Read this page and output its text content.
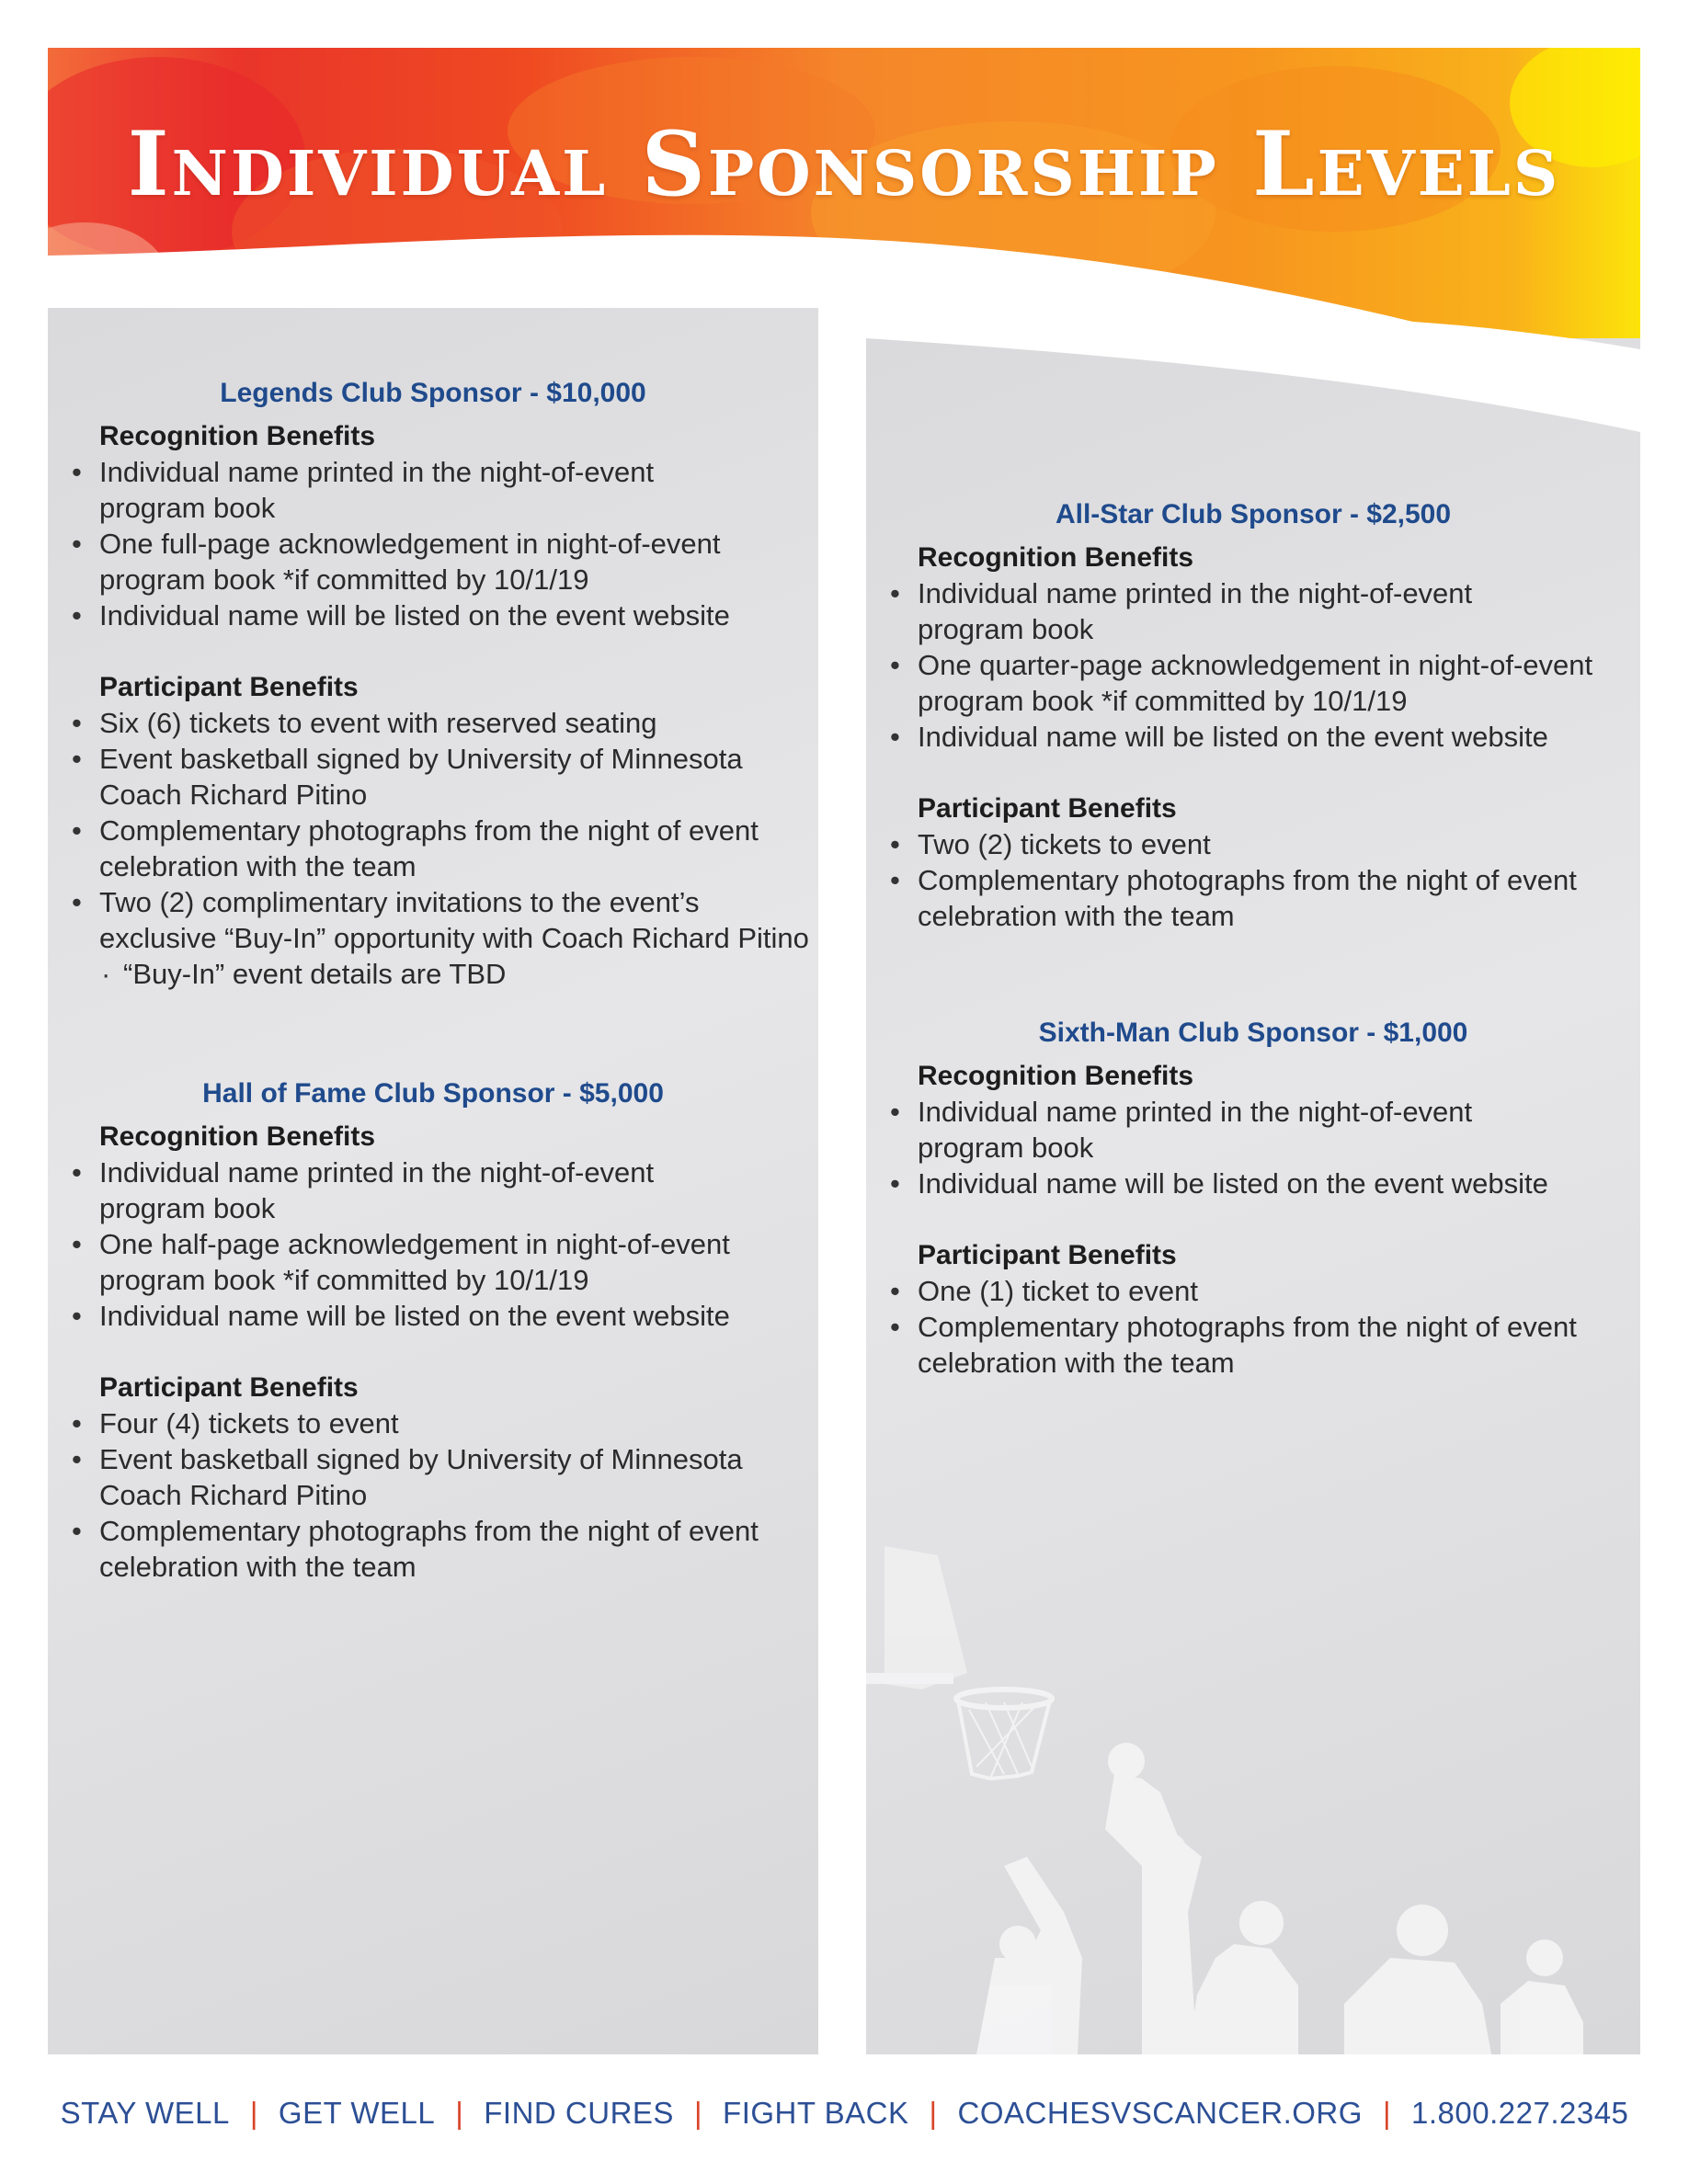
Individual Sponsorship Levels
Legends Club Sponsor - $10,000
Recognition Benefits
• Individual name printed in the night-of-event
program book
• One full-page acknowledgement in night-of-event
program book *if committed by 10/1/19
• Individual name will be listed on the event website
Participant Benefits
• Six (6) tickets to event with reserved seating
• Event basketball signed by University of Minnesota
Coach Richard Pitino
• Complementary photographs from the night of event
celebration with the team
• Two (2) complimentary invitations to the event’s
exclusive “Buy-In” opportunity with Coach Richard Pitino
· “Buy-In” event details are TBD
Hall of Fame Club Sponsor - $5,000
Recognition Benefits
• Individual name printed in the night-of-event
program book
• One half-page acknowledgement in night-of-event
program book *if committed by 10/1/19
• Individual name will be listed on the event website
Participant Benefits
• Four (4) tickets to event
• Event basketball signed by University of Minnesota
Coach Richard Pitino
• Complementary photographs from the night of event
celebration with the team
All-Star Club Sponsor - $2,500
Recognition Benefits
• Individual name printed in the night-of-event
program book
• One quarter-page acknowledgement in night-of-event
program book *if committed by 10/1/19
• Individual name will be listed on the event website
Participant Benefits
• Two (2) tickets to event
• Complementary photographs from the night of event
celebration with the team
Sixth-Man Club Sponsor - $1,000
Recognition Benefits
• Individual name printed in the night-of-event
program book
• Individual name will be listed on the event website
Participant Benefits
• One (1) ticket to event
• Complementary photographs from the night of event
celebration with the team
STAY WELL | GET WELL | FIND CURES | FIGHT BACK | COACHESVSCANCER.ORG | 1.800.227.2345
